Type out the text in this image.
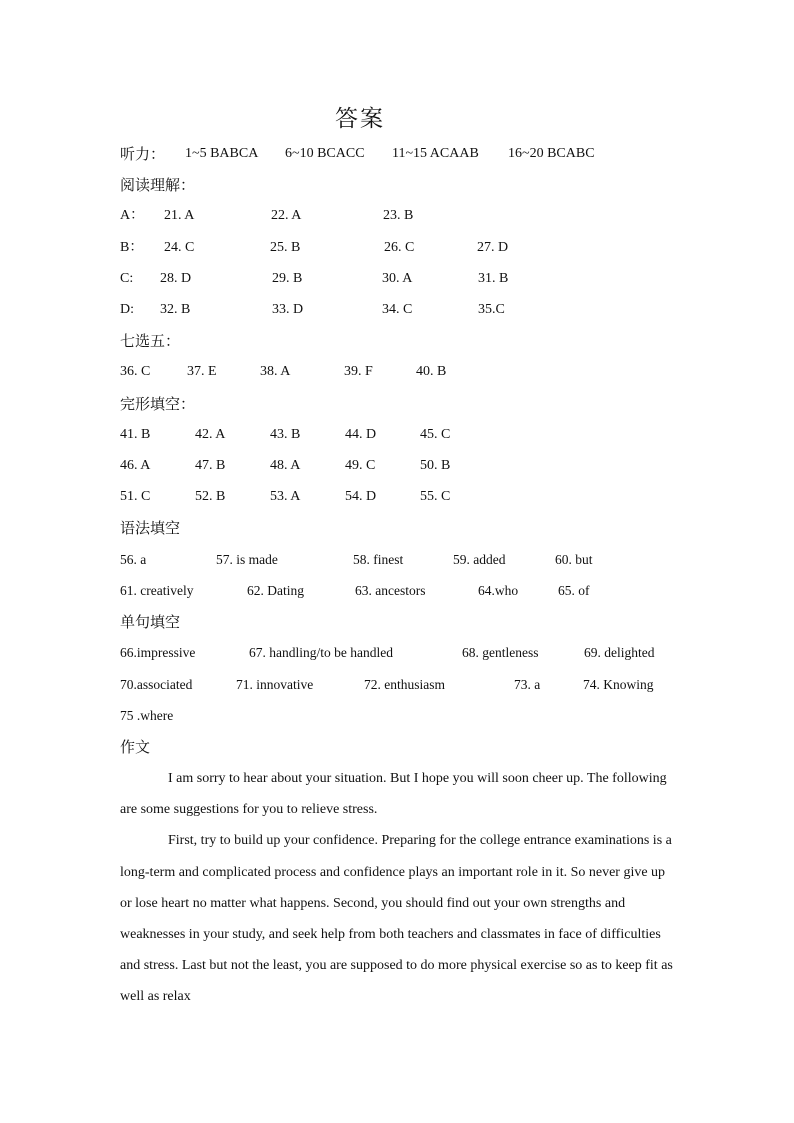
答案
听力： 1~5 BABCA 6~10 BCACC 11~15 ACAAB 16~20 BCABC
阅读理解：
A： 21. A	22. A	23. B
B： 24. C	25. B	26. C	27. D
C: 28. D	29. B	30. A	31. B
D: 32. B	33. D	34. C	35.C
七选五：
36. C	37. E	38. A	39. F	40. B
完形填空：
41. B	42. A	43. B	44. D	45. C
46. A	47. B	48. A	49. C	50. B
51. C	52. B	53. A	54. D	55. C
语法填空
56. a	57. is made	58. finest	59. added	60. but
61. creatively	62. Dating	63. ancestors	64.who	65. of
单句填空
66.impressive	67. handling/to be handled	68. gentleness	69. delighted
70.associated	71. innovative	72. enthusiasm	73. a	74. Knowing
75 .where
作文

I am sorry to hear about your situation. But I hope you will soon cheer up. The following are some suggestions for you to relieve stress.

First, try to build up your confidence. Preparing for the college entrance examinations is a long-term and complicated process and confidence plays an important role in it. So never give up or lose heart no matter what happens. Second, you should find out your own strengths and weaknesses in your study, and seek help from both teachers and classmates in face of difficulties and stress. Last but not the least, you are supposed to do more physical exercise so as to keep fit as well as relax
